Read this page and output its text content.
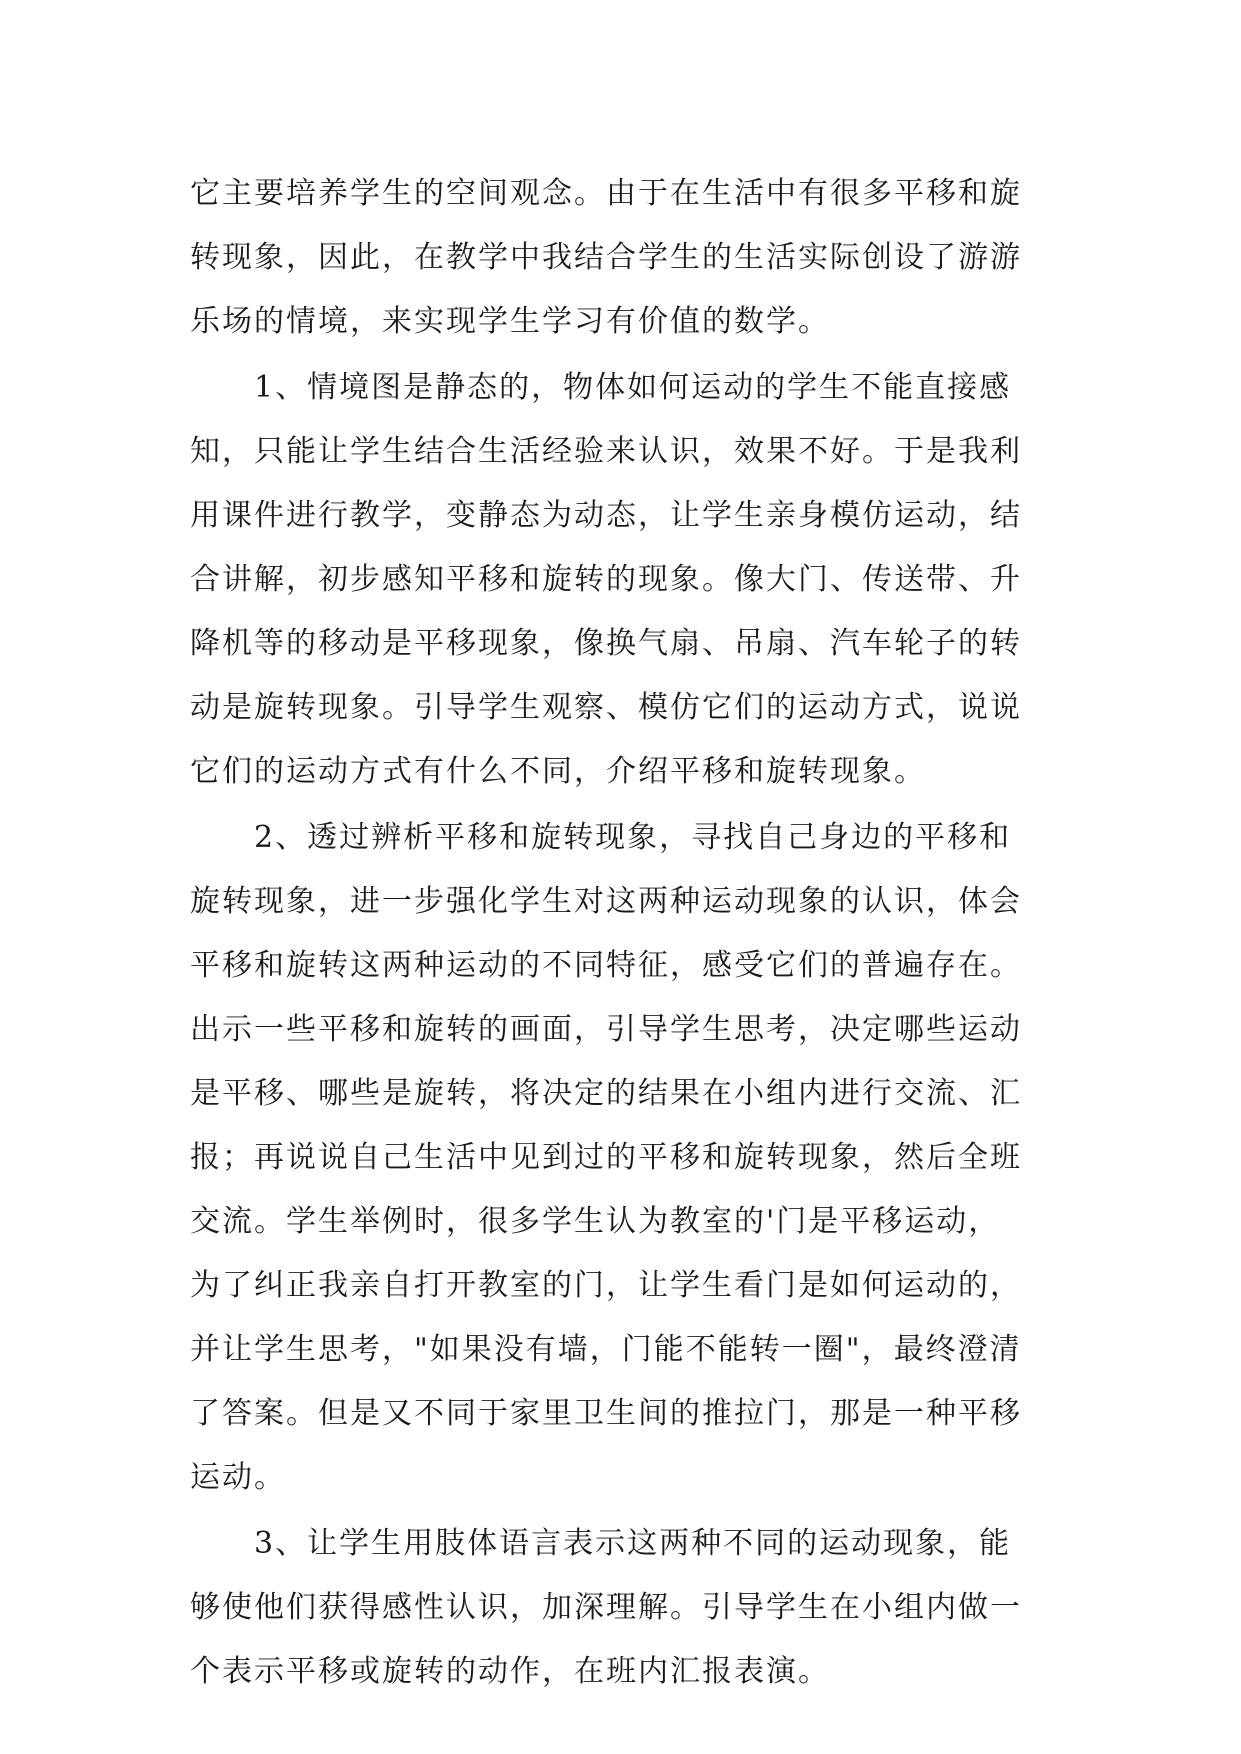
它主要培养学生的空间观念。由于在生活中有很多平移和旋
转现象，因此，在教学中我结合学生的生活实际创设了游游
乐场的情境，来实现学生学习有价值的数学。
　　1、情境图是静态的，物体如何运动的学生不能直接感
知，只能让学生结合生活经验来认识，效果不好。于是我利
用课件进行教学，变静态为动态，让学生亲身模仿运动，结
合讲解，初步感知平移和旋转的现象。像大门、传送带、升
降机等的移动是平移现象，像换气扇、吊扇、汽车轮子的转
动是旋转现象。引导学生观察、模仿它们的运动方式，说说
它们的运动方式有什么不同，介绍平移和旋转现象。
　　2、透过辨析平移和旋转现象，寻找自己身边的平移和
旋转现象，进一步强化学生对这两种运动现象的认识，体会
平移和旋转这两种运动的不同特征，感受它们的普遍存在。
出示一些平移和旋转的画面，引导学生思考，决定哪些运动
是平移、哪些是旋转，将决定的结果在小组内进行交流、汇
报；再说说自己生活中见到过的平移和旋转现象，然后全班
交流。学生举例时，很多学生认为教室的'门是平移运动，
为了纠正我亲自打开教室的门，让学生看门是如何运动的，
并让学生思考，"如果没有墙，门能不能转一圈"，最终澄清
了答案。但是又不同于家里卫生间的推拉门，那是一种平移
运动。
　　3、让学生用肢体语言表示这两种不同的运动现象，能
够使他们获得感性认识，加深理解。引导学生在小组内做一
个表示平移或旋转的动作，在班内汇报表演。
